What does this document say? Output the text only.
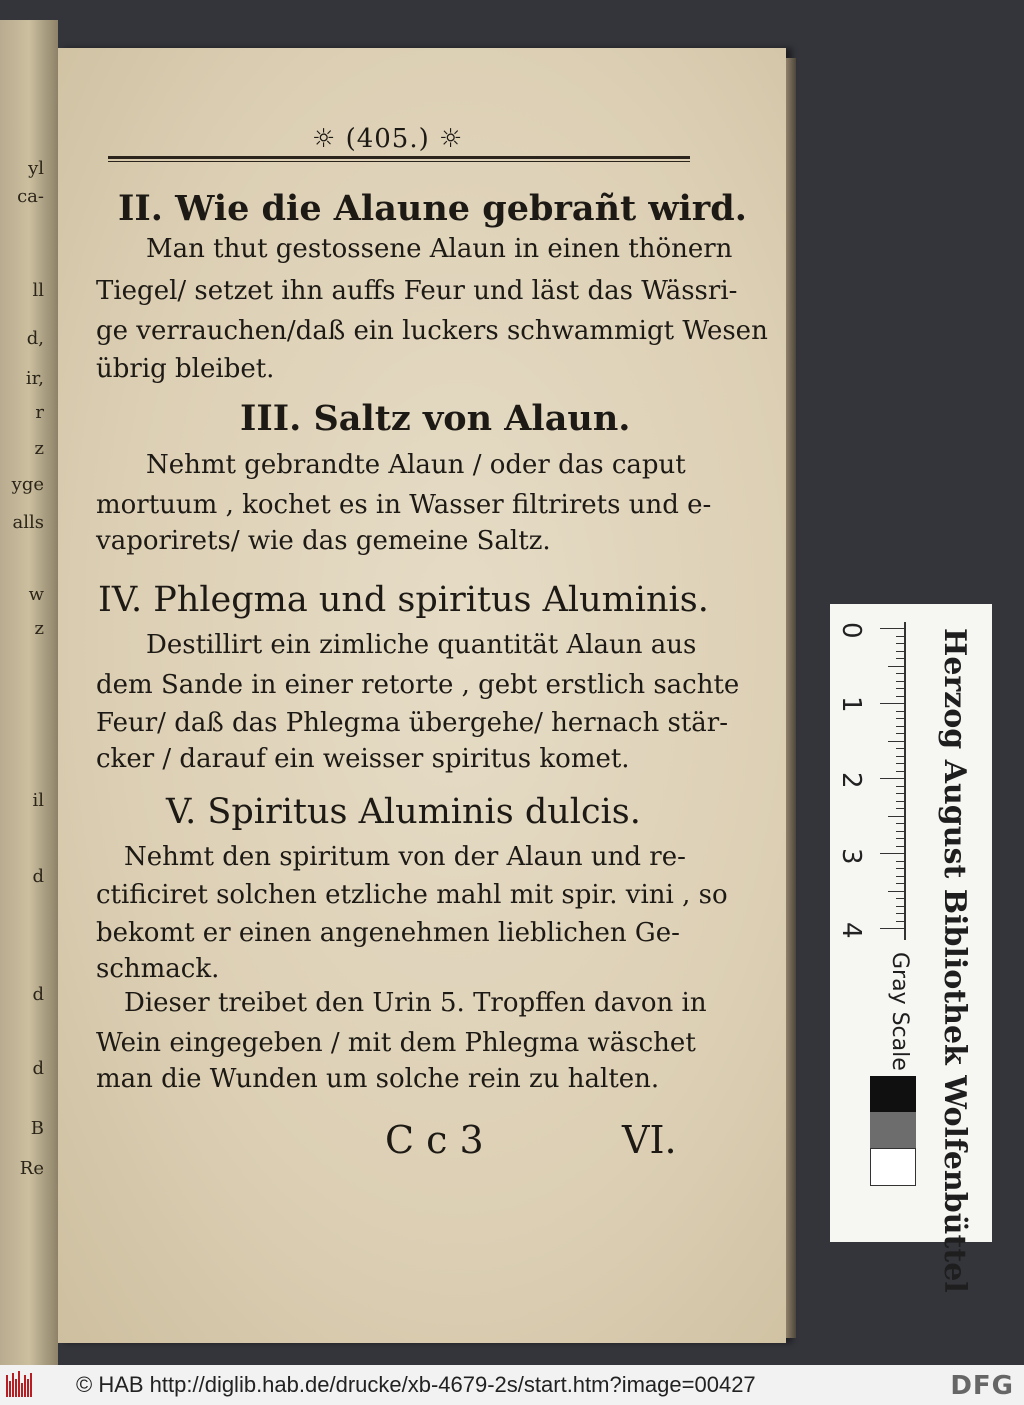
yl
ca-
ll
d,
ir,
r
z
yge
alls
w
z
il
d
d
d
B
Re
☼ (405.) ☼
II. Wie die Alaune gebrañt wird.
Man thut gestossene Alaun in einen thönern
Tiegel/ setzet ihn auffs Feur und läst das Wässri-
ge verrauchen/daß ein luckers schwammigt Wesen
übrig bleibet.
III. Saltz von Alaun.
Nehmt gebrandte Alaun / oder das caput
mortuum , kochet es in Wasser filtrirets und e-
vaporirets/ wie das gemeine Saltz.
IV. Phlegma und spiritus Aluminis.
Destillirt ein zimliche quantität Alaun aus
dem Sande in einer retorte , gebt erstlich sachte
Feur/ daß das Phlegma übergehe/ hernach stär-
cker / darauf ein weisser spiritus komet.
V. Spiritus Aluminis dulcis.
Nehmt den spiritum von der Alaun und re-
ctificiret solchen etzliche mahl mit spir. vini , so
bekomt er einen angenehmen lieblichen Ge-
schmack.
Dieser treibet den Urin 5. Tropffen davon in
Wein eingegeben / mit dem Phlegma wäschet
man die Wunden um solche rein zu halten.
C c 3	VI.
0
1
2
3
4 Herzog August Bibliothek Wolfenbüttel
Gray Scale
© HAB http://diglib.hab.de/drucke/xb-4679-2s/start.htm?image=00427	DFG
